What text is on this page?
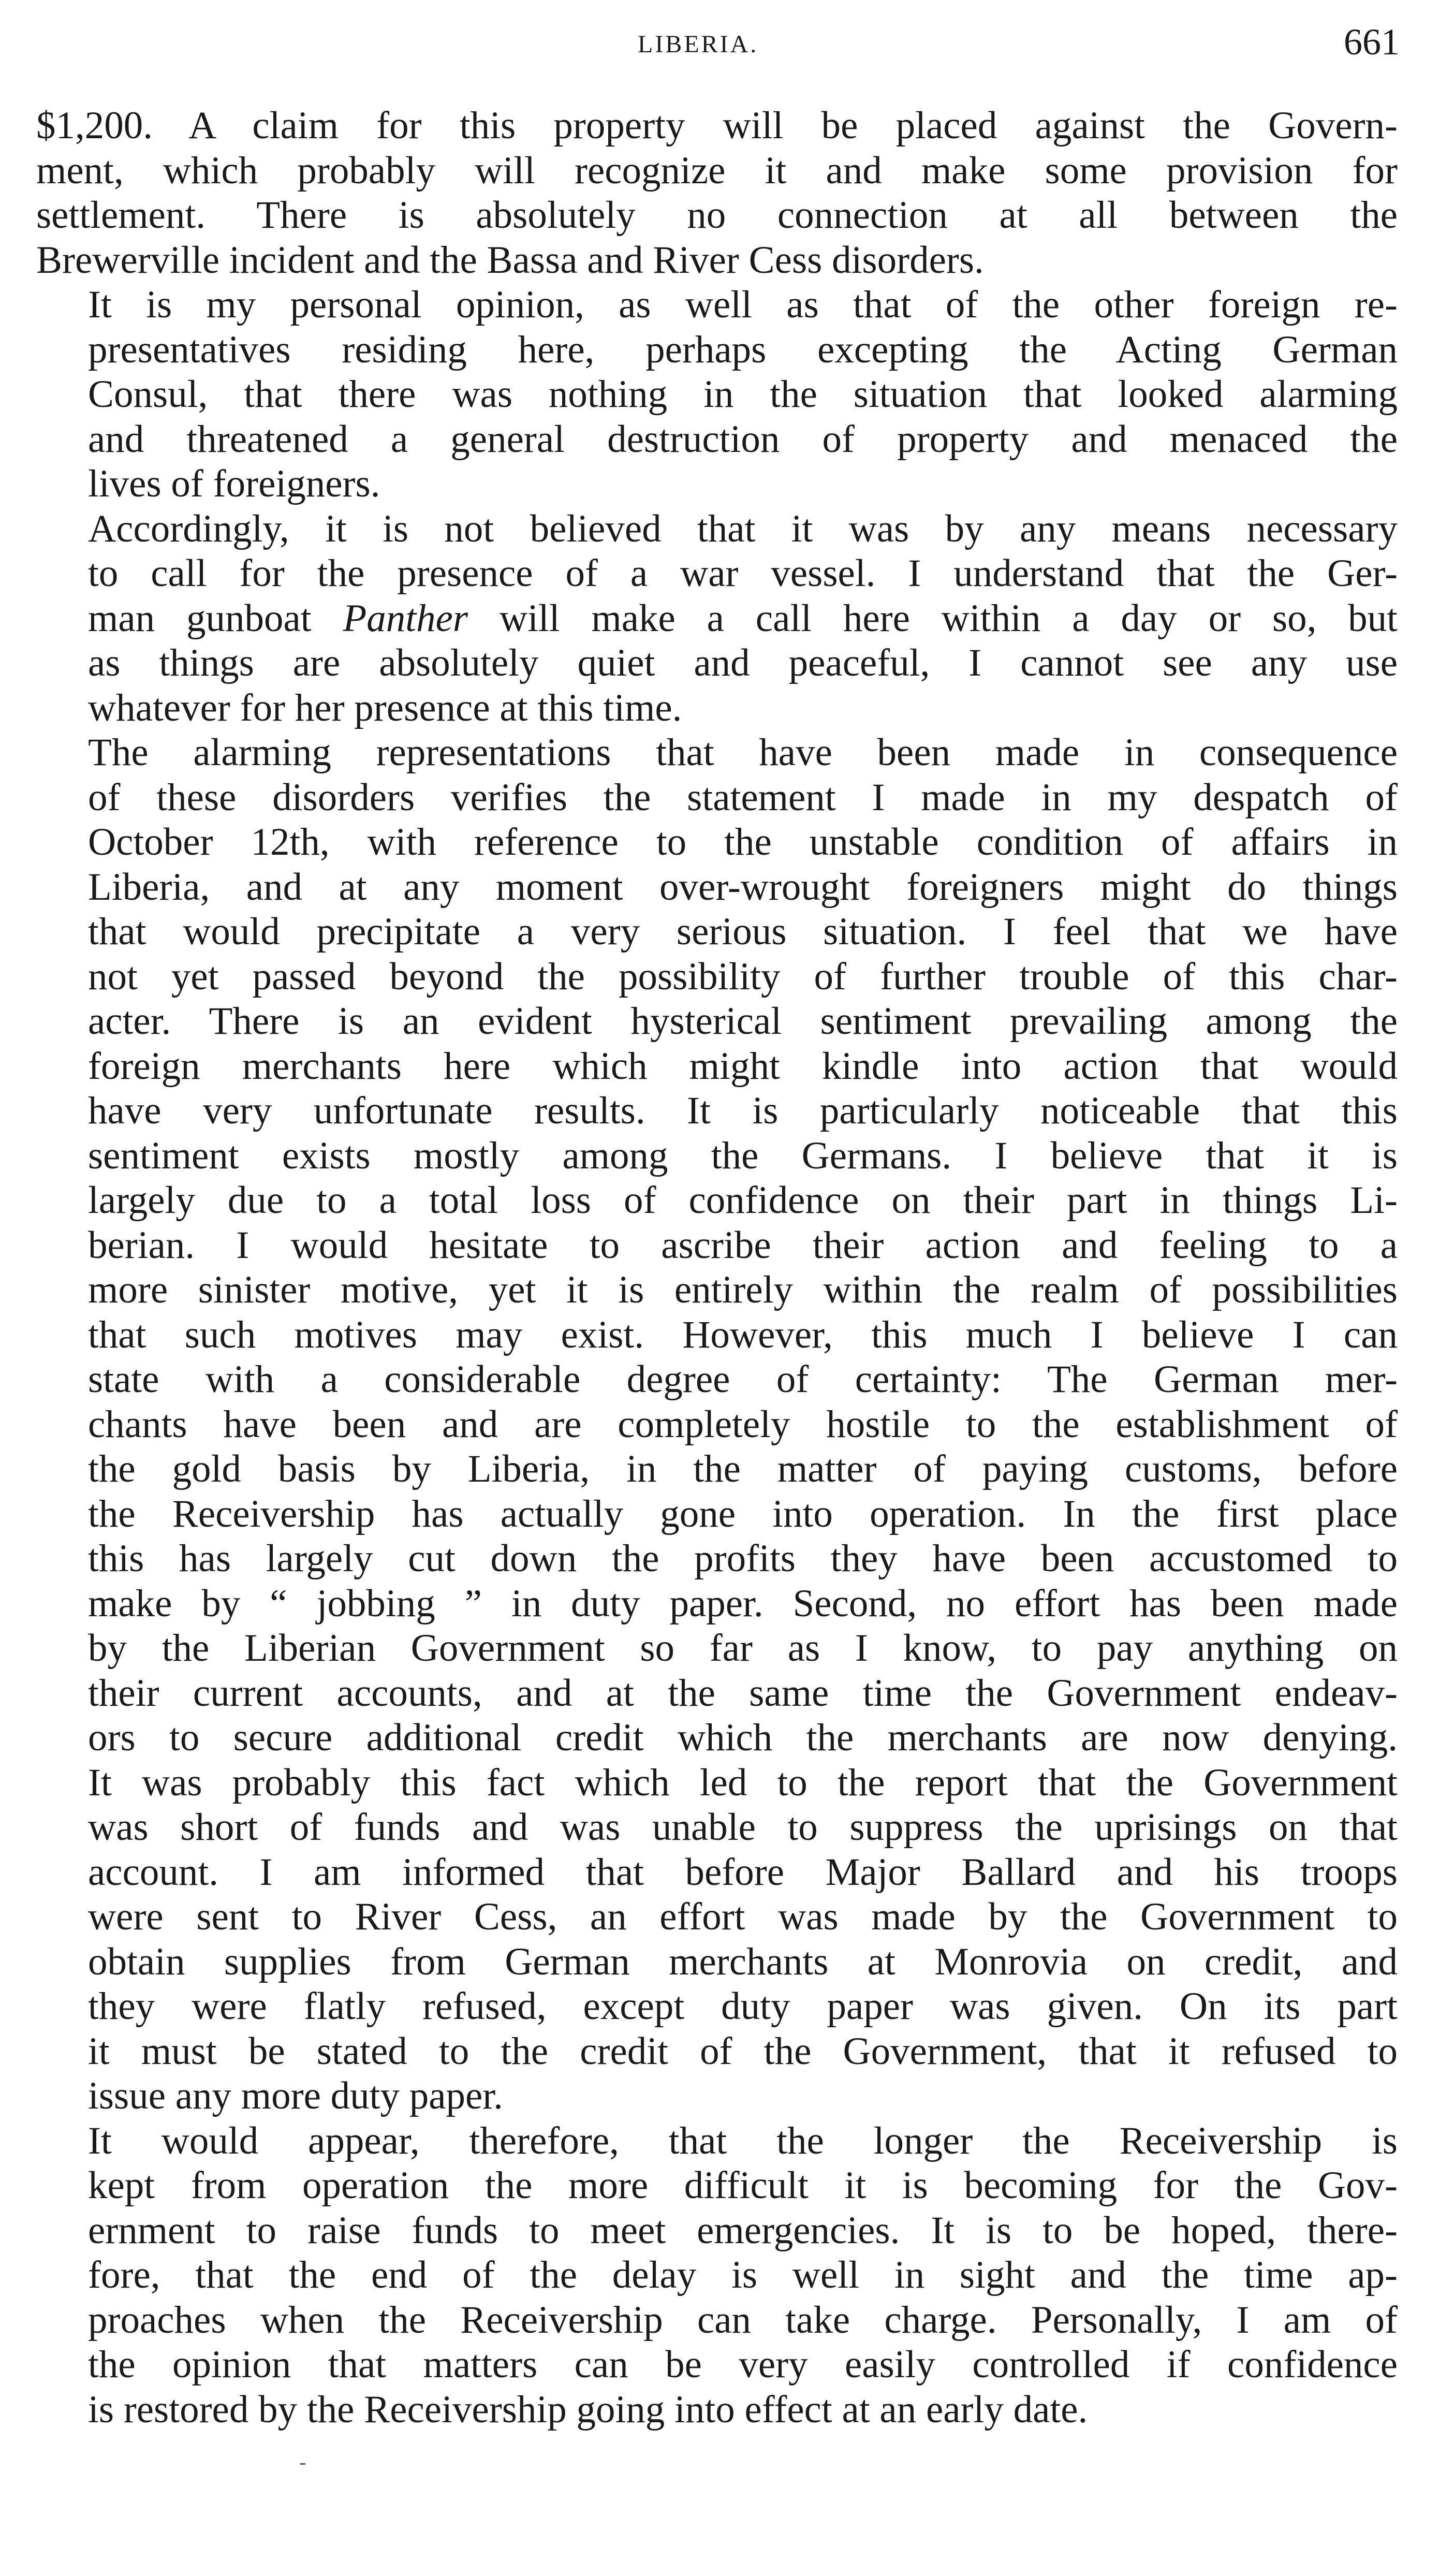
LIBERIA.	661

$1,200. A claim for this property will be placed against the Govern-
ment, which probably will recognize it and make some provision for
settlement. There is absolutely no connection at all between the
Brewerville incident and the Bassa and River Cess disorders.

It is my personal opinion, as well as that of the other foreign re-
presentatives residing here, perhaps excepting the Acting German
Consul, that there was nothing in the situation that looked alarming
and threatened a general destruction of property and menaced the
lives of foreigners.

Accordingly, it is not believed that it was by any means necessary
to call for the presence of a war vessel. I understand that the Ger-
man gunboat Panther will make a call here within a day or so, but
as things are absolutely quiet and peaceful, I cannot see any use
whatever for her presence at this time.

The alarming representations that have been made in consequence
of these disorders verifies the statement I made in my despatch of
October 12th, with reference to the unstable condition of affairs in
Liberia, and at any moment over-wrought foreigners might do things
that would precipitate a very serious situation. I feel that we have
not yet passed beyond the possibility of further trouble of this char-
acter. There is an evident hysterical sentiment prevailing among the
foreign merchants here which might kindle into action that would
have very unfortunate results. It is particularly noticeable that this
sentiment exists mostly among the Germans. I believe that it is
largely due to a total loss of confidence on their part in things Li-
berian. I would hesitate to ascribe their action and feeling to a
more sinister motive, yet it is entirely within the realm of possibilities
that such motives may exist. However, this much I believe I can
state with a considerable degree of certainty: The German mer-
chants have been and are completely hostile to the establishment of
the gold basis by Liberia, in the matter of paying customs, before
the Receivership has actually gone into operation. In the first place
this has largely cut down the profits they have been accustomed to
make by “ jobbing ” in duty paper. Second, no effort has been made
by the Liberian Government so far as I know, to pay anything on
their current accounts, and at the same time the Government endeav-
ors to secure additional credit which the merchants are now denying.
It was probably this fact which led to the report that the Government
was short of funds and was unable to suppress the uprisings on that
account. I am informed that before Major Ballard and his troops
were sent to River Cess, an effort was made by the Government to
obtain supplies from German merchants at Monrovia on credit, and
they were flatly refused, except duty paper was given. On its part
it must be stated to the credit of the Government, that it refused to
issue any more duty paper.

It would appear, therefore, that the longer the Receivership is
kept from operation the more difficult it is becoming for the Gov-
ernment to raise funds to meet emergencies. It is to be hoped, there-
fore, that the end of the delay is well in sight and the time ap-
proaches when the Receivership can take charge. Personally, I am of
the opinion that matters can be very easily controlled if confidence
is restored by the Receivership going into effect at an early date.
